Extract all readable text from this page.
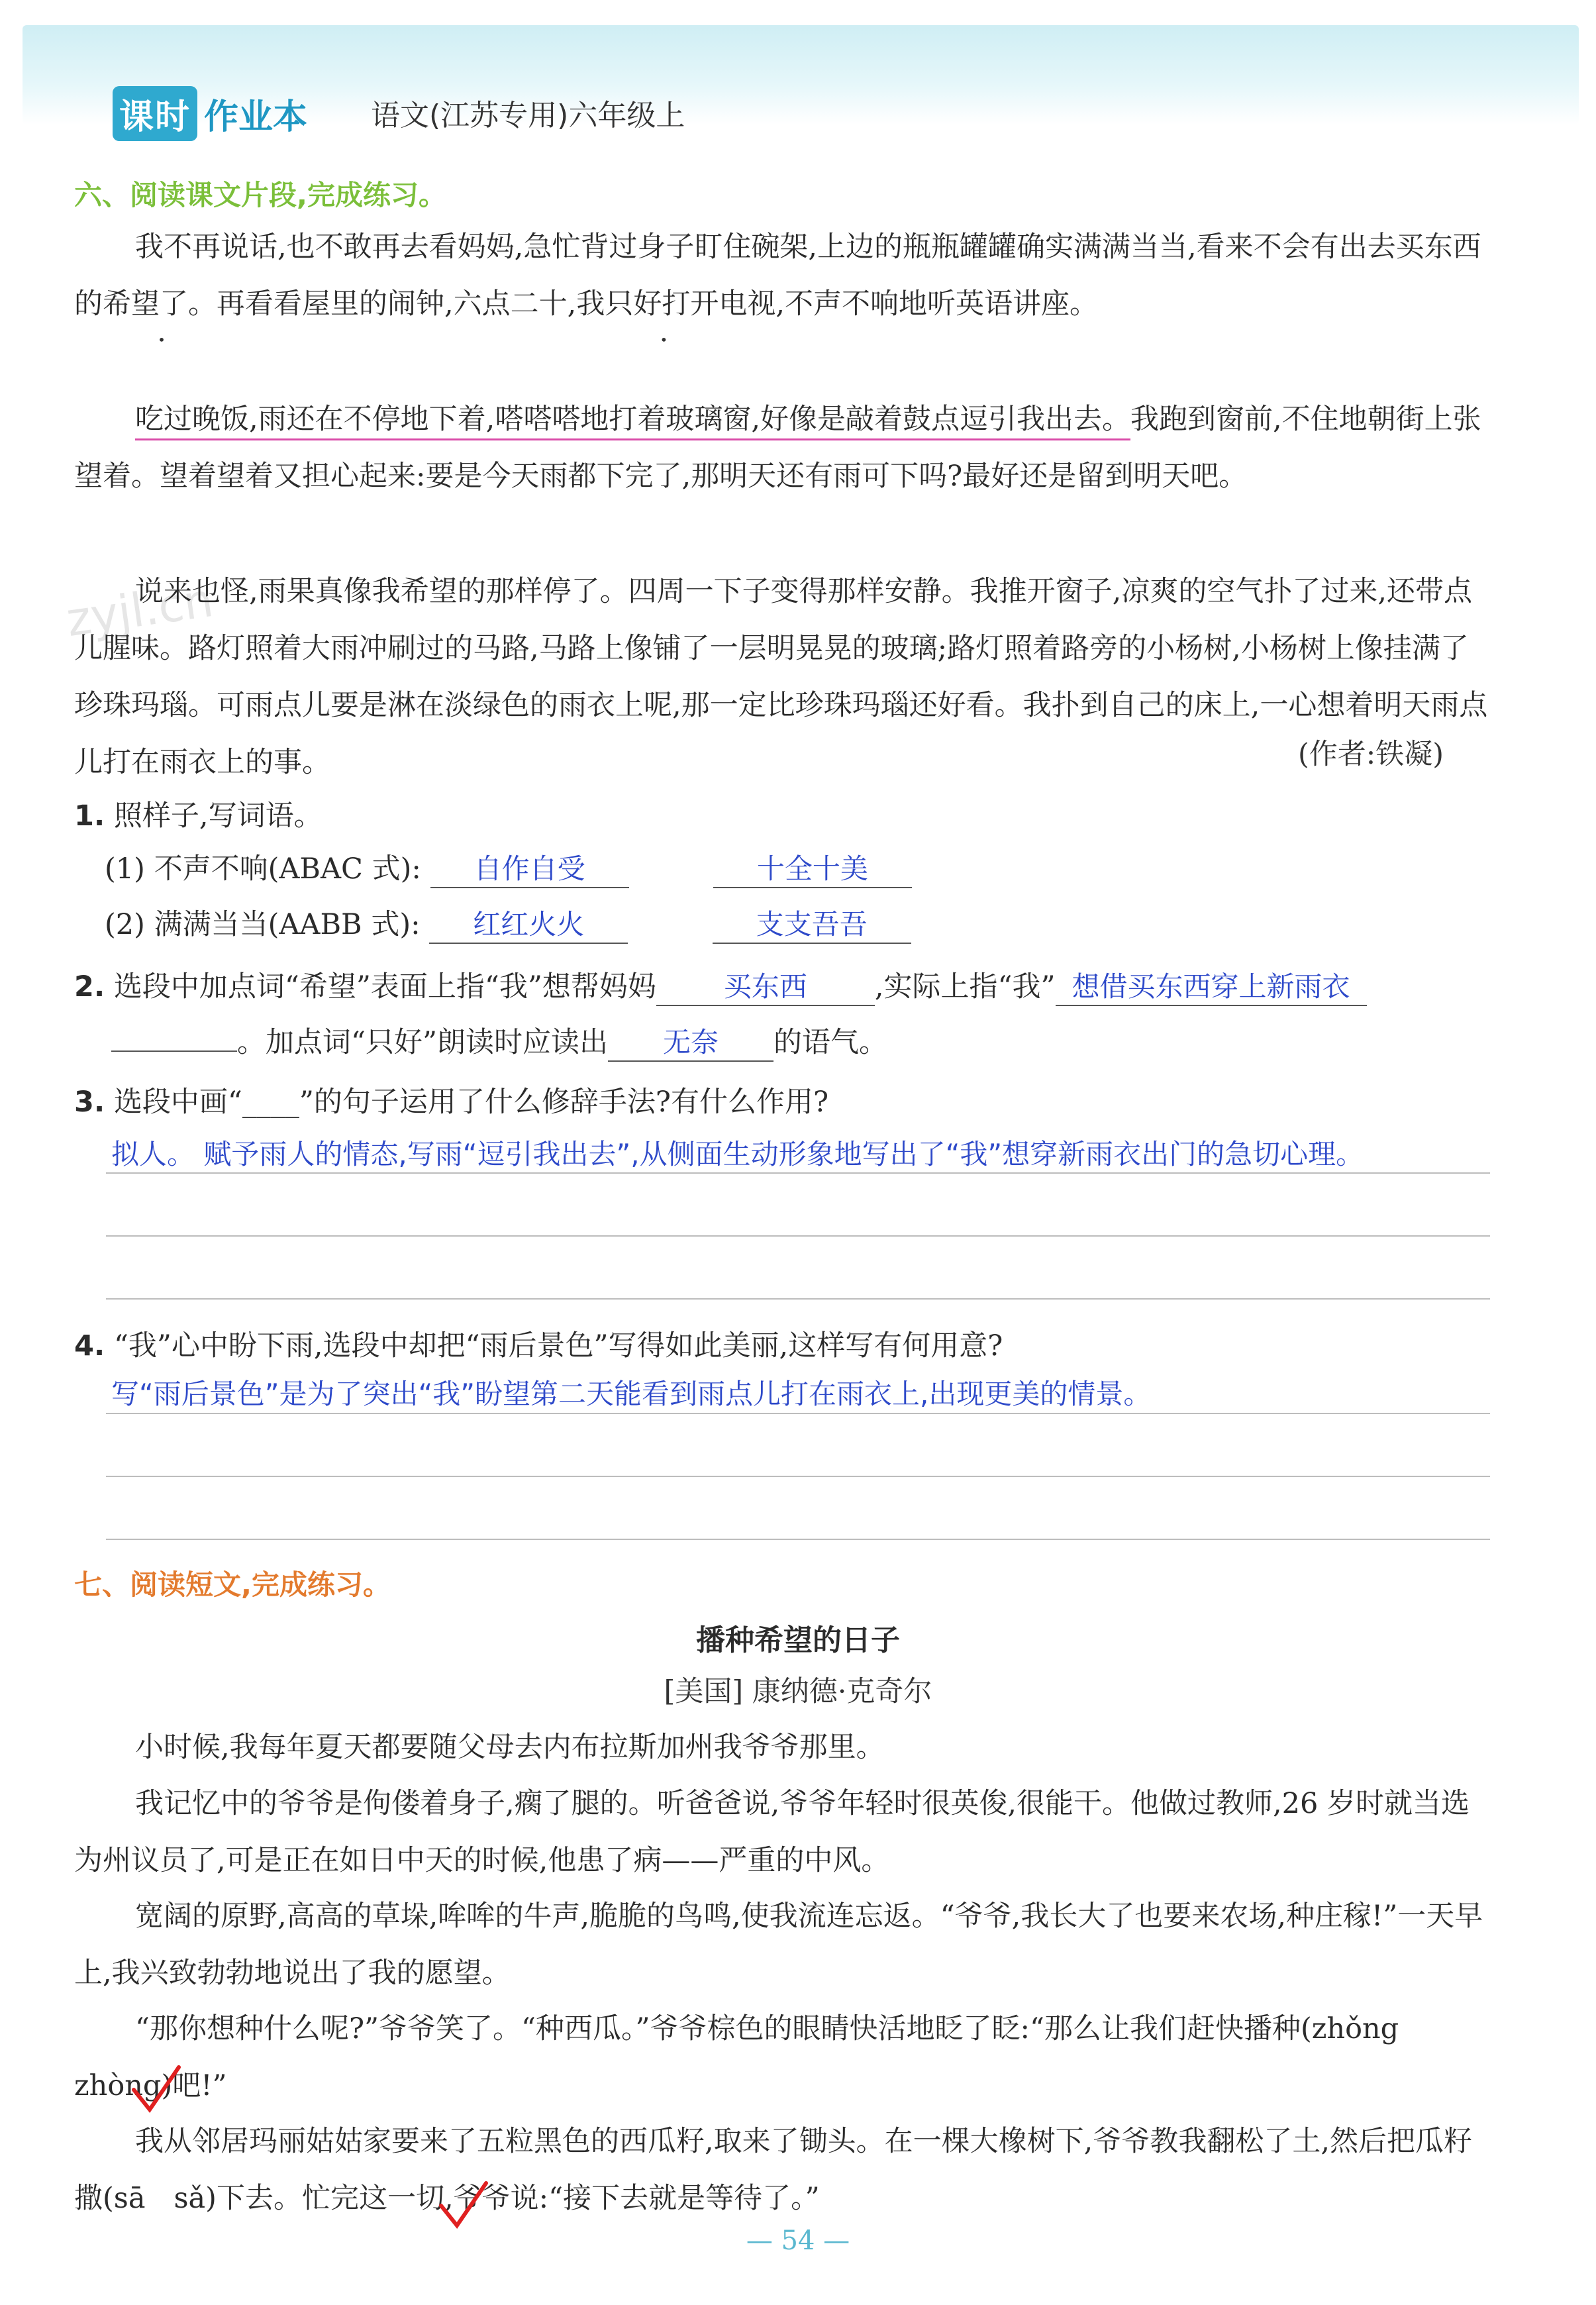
课时 作业本 语文(江苏专用)六年级上
zyjl.cn
六、阅读课文片段,完成练习。
我不再说话,也不敢再去看妈妈,急忙背过身子盯住碗架,上边的瓶瓶罐罐确实满满当当,看来不会有出去买东西的希望了。再看看屋里的闹钟,六点二十,我只好打开电视,不声不响地听英语讲座。
吃过晚饭,雨还在不停地下着,嗒嗒嗒地打着玻璃窗,好像是敲着鼓点逗引我出去。我跑到窗前,不住地朝街上张望着。望着望着又担心起来:要是今天雨都下完了,那明天还有雨可下吗?最好还是留到明天吧。
说来也怪,雨果真像我希望的那样停了。四周一下子变得那样安静。我推开窗子,凉爽的空气扑了过来,还带点儿腥味。路灯照着大雨冲刷过的马路,马路上像铺了一层明晃晃的玻璃;路灯照着路旁的小杨树,小杨树上像挂满了珍珠玛瑙。可雨点儿要是淋在淡绿色的雨衣上呢,那一定比珍珠玛瑙还好看。我扑到自己的床上,一心想着明天雨点儿打在雨衣上的事。	(作者:铁凝)
1. 照样子,写词语。
(1) 不声不响(ABAC 式): 自作自受	十全十美
(2) 满满当当(AABB 式): 红红火火	支支吾吾
2. 选段中加点词“希望”表面上指“我”想帮妈妈 买东西 ,实际上指“我” 想借买东西穿上新雨衣
。加点词“只好”朗读时应读出 无奈 的语气。
3. 选段中画“____”的句子运用了什么修辞手法?有什么作用?
拟人。 赋予雨人的情态,写雨“逗引我出去”,从侧面生动形象地写出了“我”想穿新雨衣出门的急切心理。
4. “我”心中盼下雨,选段中却把“雨后景色”写得如此美丽,这样写有何用意?
写“雨后景色”是为了突出“我”盼望第二天能看到雨点儿打在雨衣上,出现更美的情景。
七、阅读短文,完成练习。
播种希望的日子
[美国] 康纳德·克奇尔
小时候,我每年夏天都要随父母去内布拉斯加州我爷爷那里。
我记忆中的爷爷是佝偻着身子,瘸了腿的。听爸爸说,爷爷年轻时很英俊,很能干。他做过教师,26 岁时就当选为州议员了,可是正在如日中天的时候,他患了病——严重的中风。
宽阔的原野,高高的草垛,哞哞的牛声,脆脆的鸟鸣,使我流连忘返。“爷爷,我长大了也要来农场,种庄稼!”一天早上,我兴致勃勃地说出了我的愿望。
“那你想种什么呢?”爷爷笑了。“种西瓜。”爷爷棕色的眼睛快活地眨了眨:“那么让我们赶快播种(zhǒng　zhòng)吧!”
我从邻居玛丽姑姑家要来了五粒黑色的西瓜籽,取来了锄头。在一棵大橡树下,爷爷教我翻松了土,然后把瓜籽撒(sā　sǎ)下去。忙完这一切,爷爷说:“接下去就是等待了。”
— 54 —
